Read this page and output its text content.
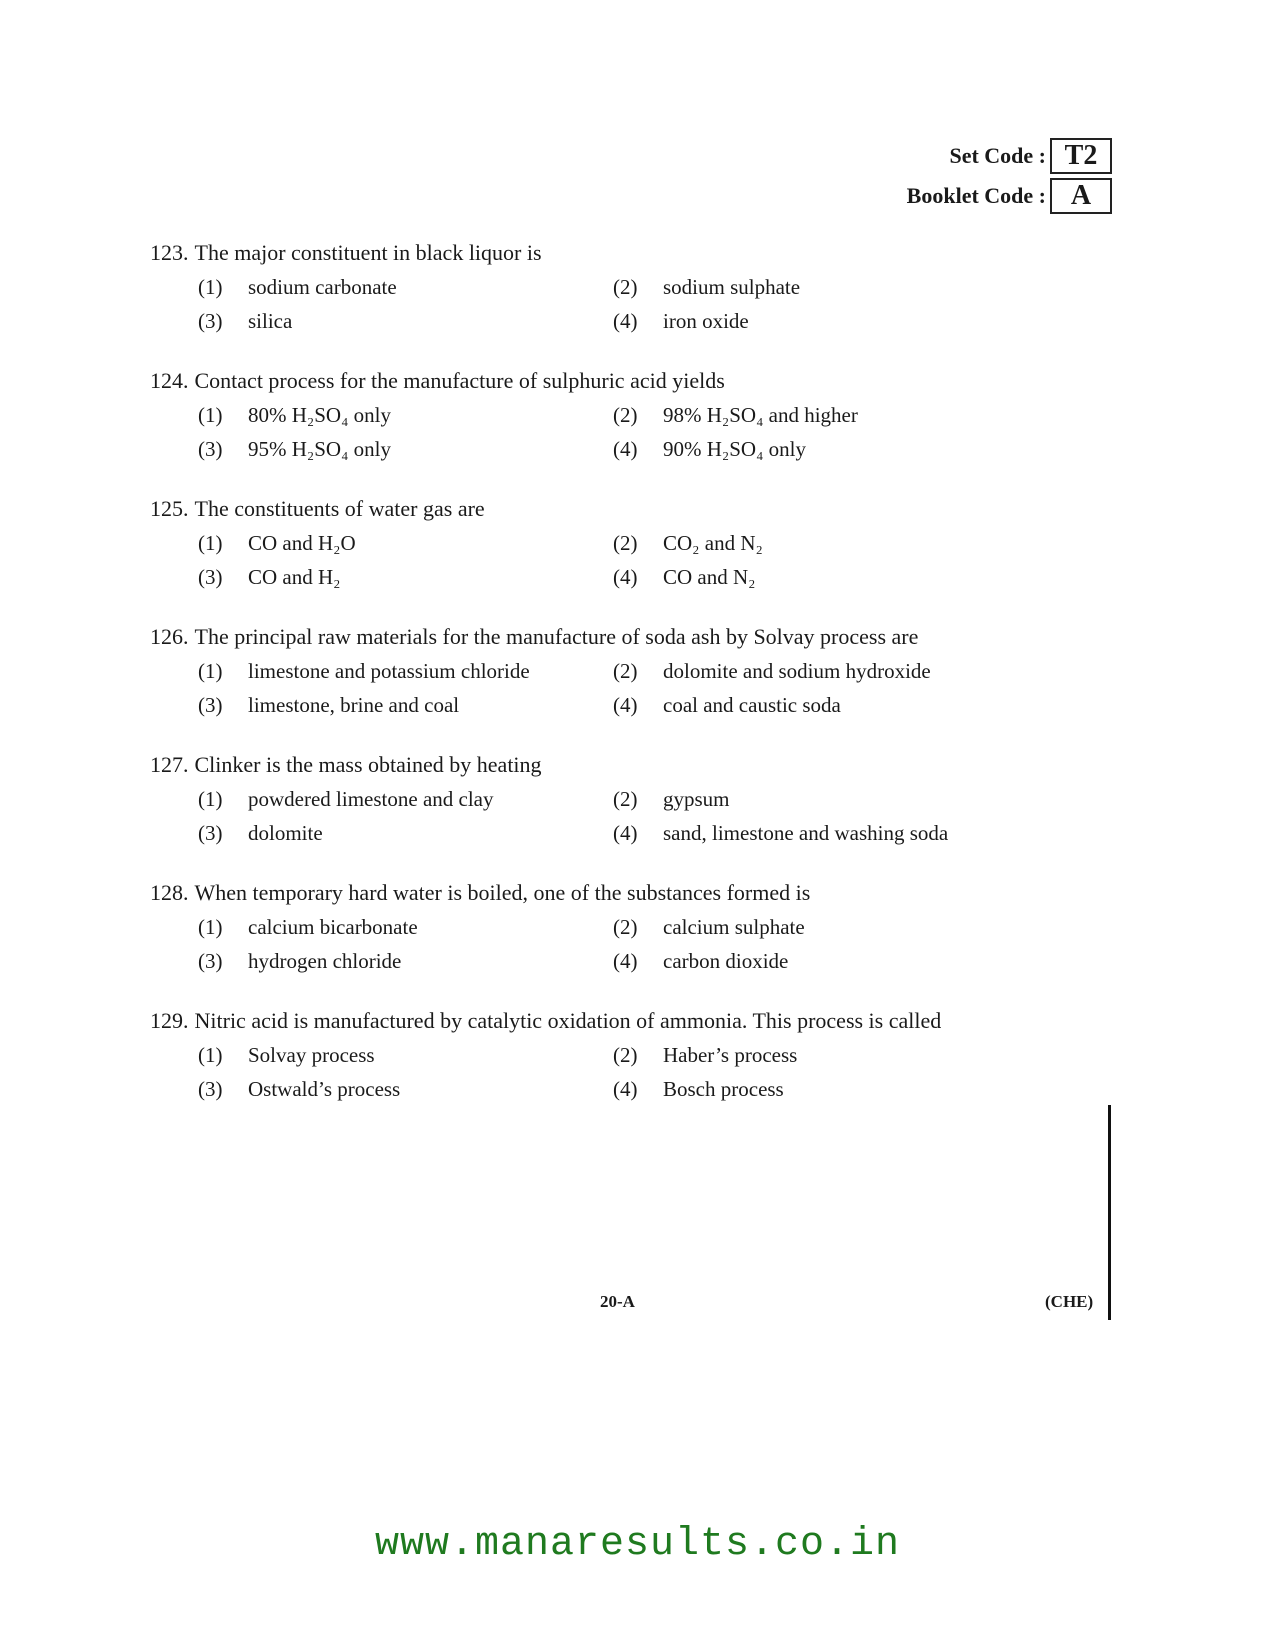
Set Code : T2
Booklet Code : A
123. The major constituent in black liquor is
(1)	sodium carbonate	(2)	sodium sulphate
(3)	silica	(4)	iron oxide
124. Contact process for the manufacture of sulphuric acid yields
(1)	80% H₂SO₄ only	(2)	98% H₂SO₄ and higher
(3)	95% H₂SO₄ only	(4)	90% H₂SO₄ only
125. The constituents of water gas are
(1)	CO and H₂O	(2)	CO₂ and N₂
(3)	CO and H₂	(4)	CO and N₂
126. The principal raw materials for the manufacture of soda ash by Solvay process are
(1)	limestone and potassium chloride	(2)	dolomite and sodium hydroxide
(3)	limestone, brine and coal	(4)	coal and caustic soda
127. Clinker is the mass obtained by heating
(1)	powdered limestone and clay	(2)	gypsum
(3)	dolomite	(4)	sand, limestone and washing soda
128. When temporary hard water is boiled, one of the substances formed is
(1)	calcium bicarbonate	(2)	calcium sulphate
(3)	hydrogen chloride	(4)	carbon dioxide
129. Nitric acid is manufactured by catalytic oxidation of ammonia. This process is called
(1)	Solvay process	(2)	Haber’s process
(3)	Ostwald’s process	(4)	Bosch process
20-A	(CHE)
www.manaresults.co.in
